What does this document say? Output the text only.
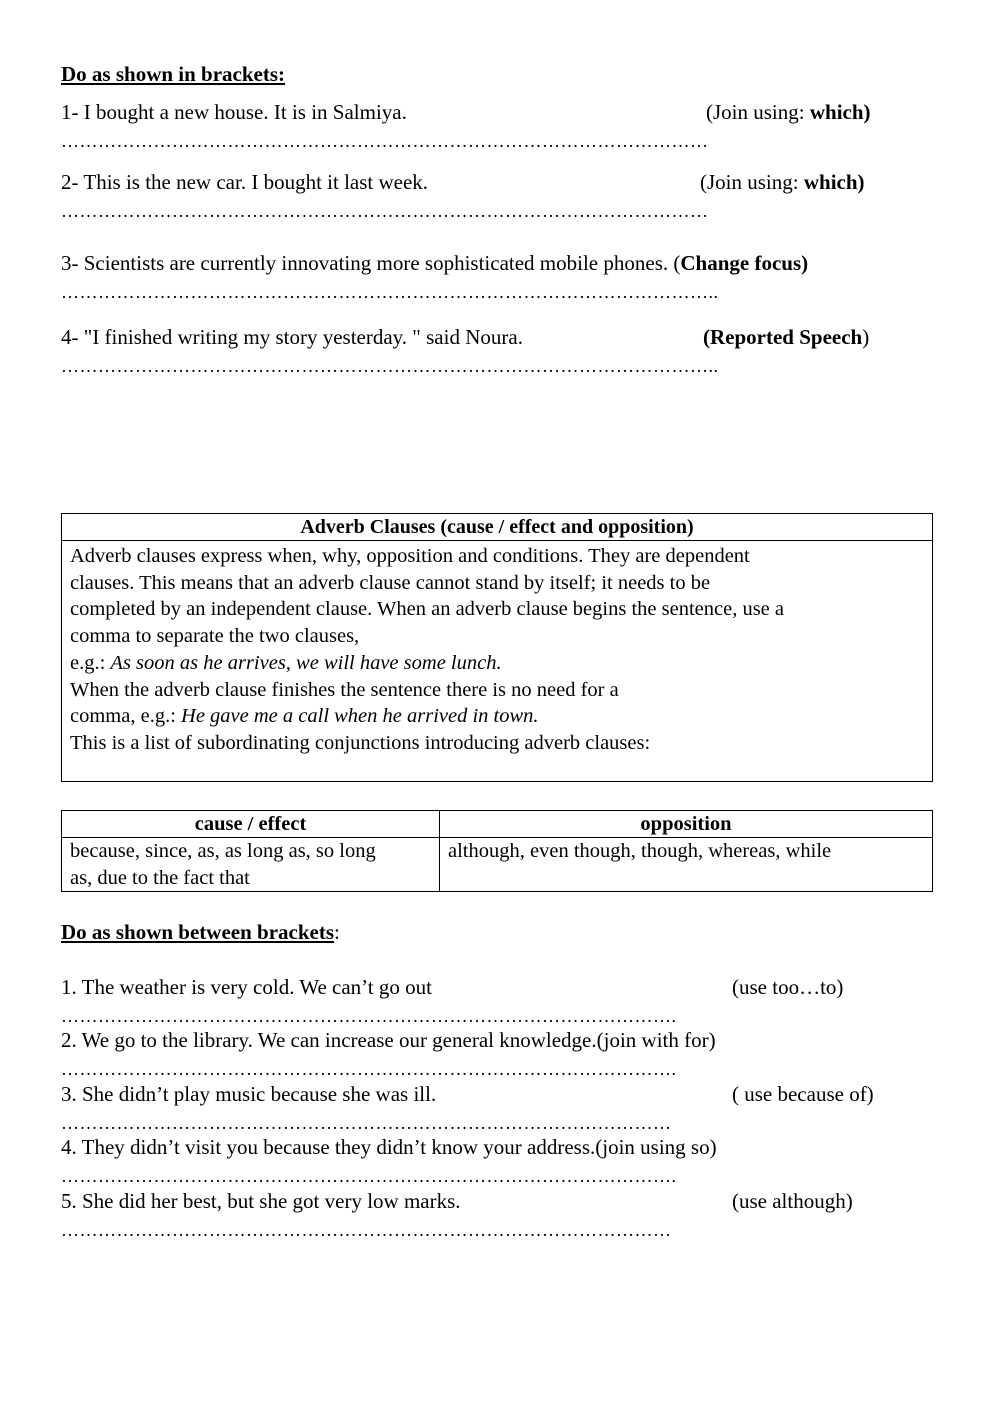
Do as shown in brackets:
1- I bought a new house. It is in Salmiya.	(Join using: which)
……………………………………………………………………………………………
2- This is the new car. I bought it last week.	(Join using: which)
……………………………………………………………………………………………
3- Scientists are currently innovating more sophisticated mobile phones. (Change focus)
……………………………………………………………………………………………..
4- "I finished writing my story yesterday. " said Noura.	(Reported Speech)
……………………………………………………………………………………………..
Adverb Clauses (cause / effect and opposition)
Adverb clauses express when, why, opposition and conditions. They are dependent
clauses. This means that an adverb clause cannot stand by itself; it needs to be
completed by an independent clause. When an adverb clause begins the sentence, use a
comma to separate the two clauses,
e.g.: As soon as he arrives, we will have some lunch.
When the adverb clause finishes the sentence there is no need for a
comma, e.g.: He gave me a call when he arrived in town.
This is a list of subordinating conjunctions introducing adverb clauses:
cause / effect	opposition

because, since, as, as long as, so long
as, due to the fact that	although, even though, though, whereas, while
Do as shown between brackets:
1. The weather is very cold. We can’t go out	(use too…to)
……………………………………………………………………………………….
2. We go to the library. We can increase our general knowledge.(join with for)
……………………………………………………………………………………….
3. She didn’t play music because she was ill.	( use because of)
………………………………………………………………………………………
4. They didn’t visit you because they didn’t know your address.(join using so)
……………………………………………………………………………………….
5. She did her best, but she got very low marks.	(use although)
………………………………………………………………………………………
